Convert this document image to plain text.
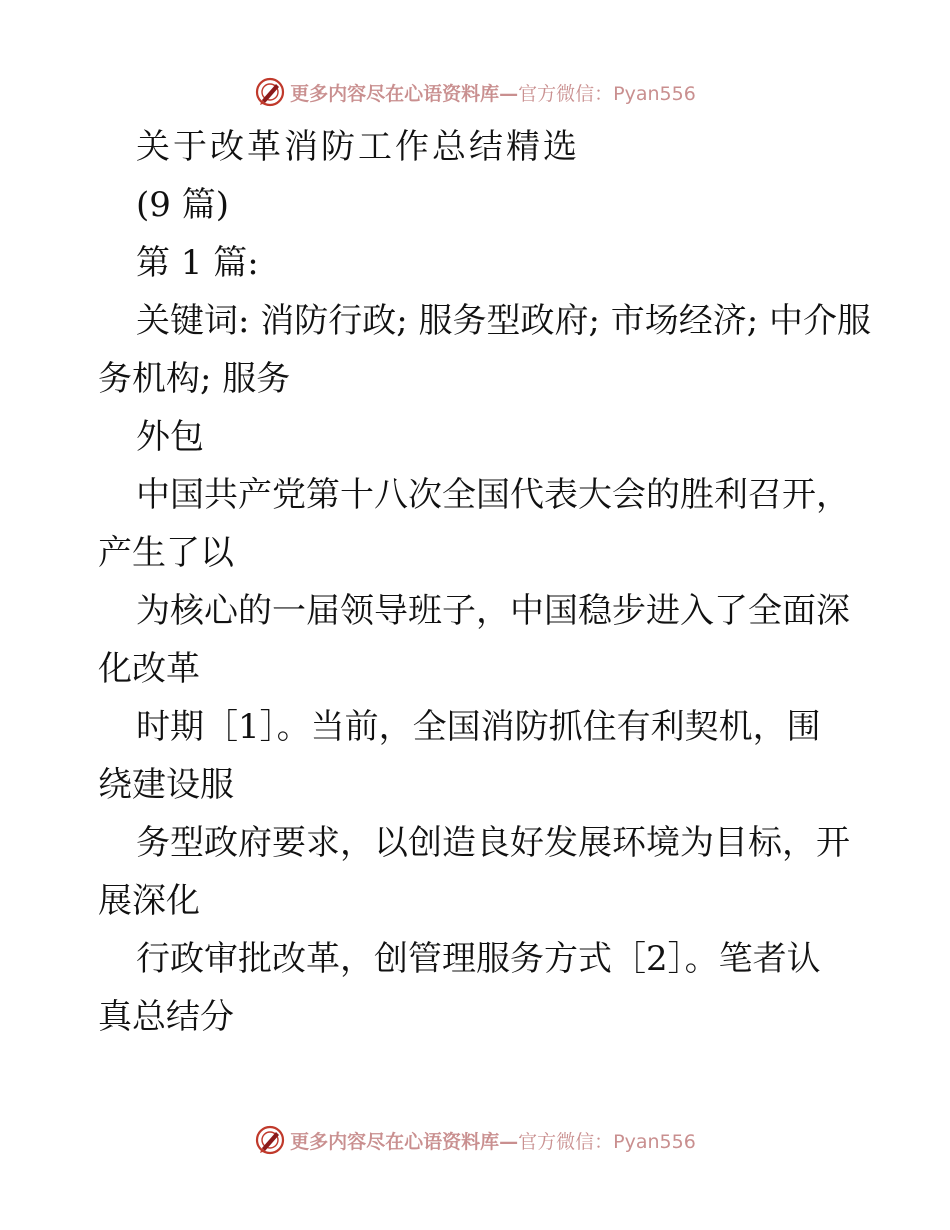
更多内容尽在心语资料库— 官方微信：Pyan556
关于改革消防工作总结精选
(9 篇)
第 1 篇:
关键词: 消防行政; 服务型政府; 市场经济; 中介服
务机构; 服务
外包
中国共产党第十八次全国代表大会的胜利召开，
产生了以
为核心的一届领导班子，中国稳步进入了全面深
化改革
时期［1］。当前，全国消防抓住有利契机，围
绕建设服
务型政府要求，以创造良好发展环境为目标，开
展深化
行政审批改革，创管理服务方式［2］。笔者认
真总结分
更多内容尽在心语资料库— 官方微信：Pyan556
